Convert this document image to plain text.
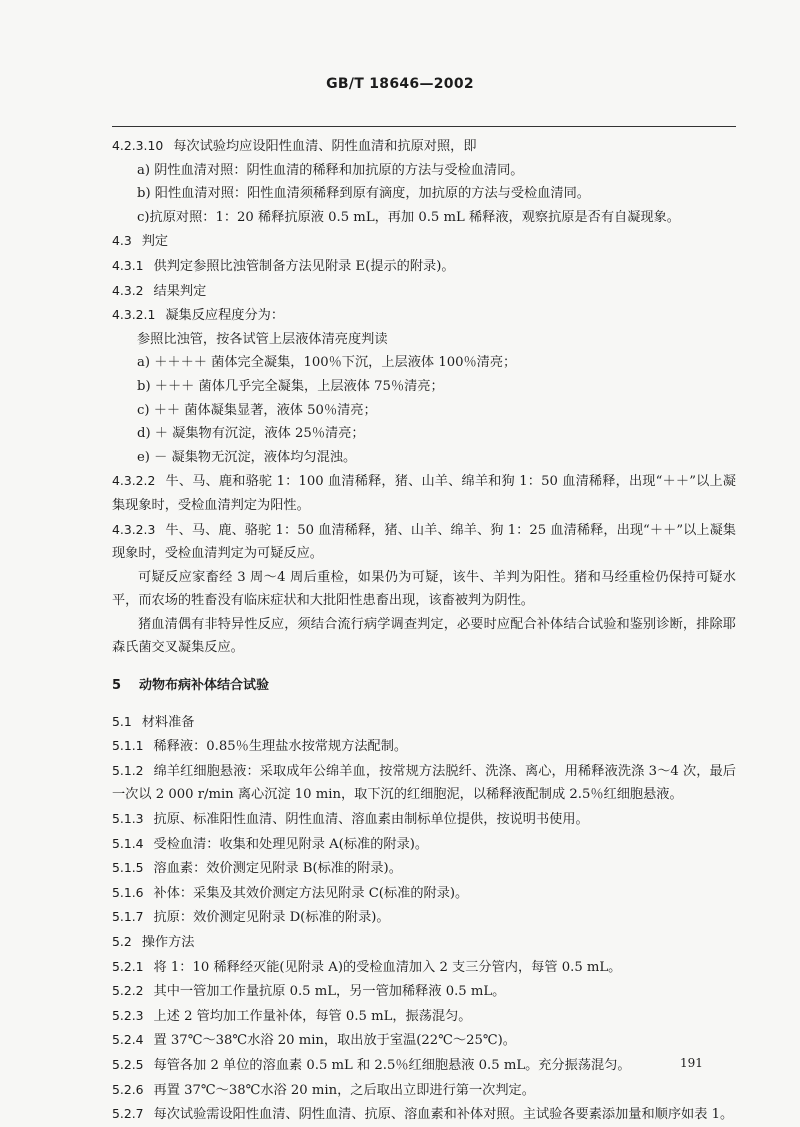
GB/T 18646—2002
4.2.3.10 每次试验均应设阳性血清、阴性血清和抗原对照，即
a) 阴性血清对照：阴性血清的稀释和加抗原的方法与受检血清同。
b) 阳性血清对照：阳性血清须稀释到原有滴度，加抗原的方法与受检血清同。
c)抗原对照：1：20 稀释抗原液 0.5 mL，再加 0.5 mL 稀释液，观察抗原是否有自凝现象。
4.3 判定
4.3.1 供判定参照比浊管制备方法见附录 E(提示的附录)。
4.3.2 结果判定
4.3.2.1 凝集反应程度分为：
参照比浊管，按各试管上层液体清亮度判读
a) ＋＋＋＋ 菌体完全凝集，100％下沉，上层液体 100％清亮；
b) ＋＋＋ 菌体几乎完全凝集，上层液体 75％清亮；
c) ＋＋ 菌体凝集显著，液体 50％清亮；
d) ＋ 凝集物有沉淀，液体 25％清亮；
e) － 凝集物无沉淀，液体均匀混浊。
4.3.2.2 牛、马、鹿和骆驼 1：100 血清稀释，猪、山羊、绵羊和狗 1：50 血清稀释，出现“＋＋”以上凝集现象时，受检血清判定为阳性。
4.3.2.3 牛、马、鹿、骆驼 1：50 血清稀释，猪、山羊、绵羊、狗 1：25 血清稀释，出现“＋＋”以上凝集现象时，受检血清判定为可疑反应。
可疑反应家畜经 3 周～4 周后重检，如果仍为可疑，该牛、羊判为阳性。猪和马经重检仍保持可疑水平，而农场的牲畜没有临床症状和大批阳性患畜出现，该畜被判为阴性。
猪血清偶有非特异性反应，须结合流行病学调查判定，必要时应配合补体结合试验和鉴别诊断，排除耶森氏菌交叉凝集反应。
5 动物布病补体结合试验
5.1 材料准备
5.1.1 稀释液：0.85％生理盐水按常规方法配制。
5.1.2 绵羊红细胞悬液：采取成年公绵羊血，按常规方法脱纤、洗涤、离心，用稀释液洗涤 3～4 次，最后一次以 2 000 r/min 离心沉淀 10 min，取下沉的红细胞泥，以稀释液配制成 2.5％红细胞悬液。
5.1.3 抗原、标准阳性血清、阴性血清、溶血素由制标单位提供，按说明书使用。
5.1.4 受检血清：收集和处理见附录 A(标准的附录)。
5.1.5 溶血素：效价测定见附录 B(标准的附录)。
5.1.6 补体：采集及其效价测定方法见附录 C(标准的附录)。
5.1.7 抗原：效价测定见附录 D(标准的附录)。
5.2 操作方法
5.2.1 将 1：10 稀释经灭能(见附录 A)的受检血清加入 2 支三分管内，每管 0.5 mL。
5.2.2 其中一管加工作量抗原 0.5 mL，另一管加稀释液 0.5 mL。
5.2.3 上述 2 管均加工作量补体，每管 0.5 mL，振荡混匀。
5.2.4 置 37℃～38℃水浴 20 min，取出放于室温(22℃～25℃)。
5.2.5 每管各加 2 单位的溶血素 0.5 mL 和 2.5％红细胞悬液 0.5 mL。充分振荡混匀。
5.2.6 再置 37℃～38℃水浴 20 min，之后取出立即进行第一次判定。
5.2.7 每次试验需设阳性血清、阴性血清、抗原、溶血素和补体对照。主试验各要素添加量和顺序如表 1。
191
